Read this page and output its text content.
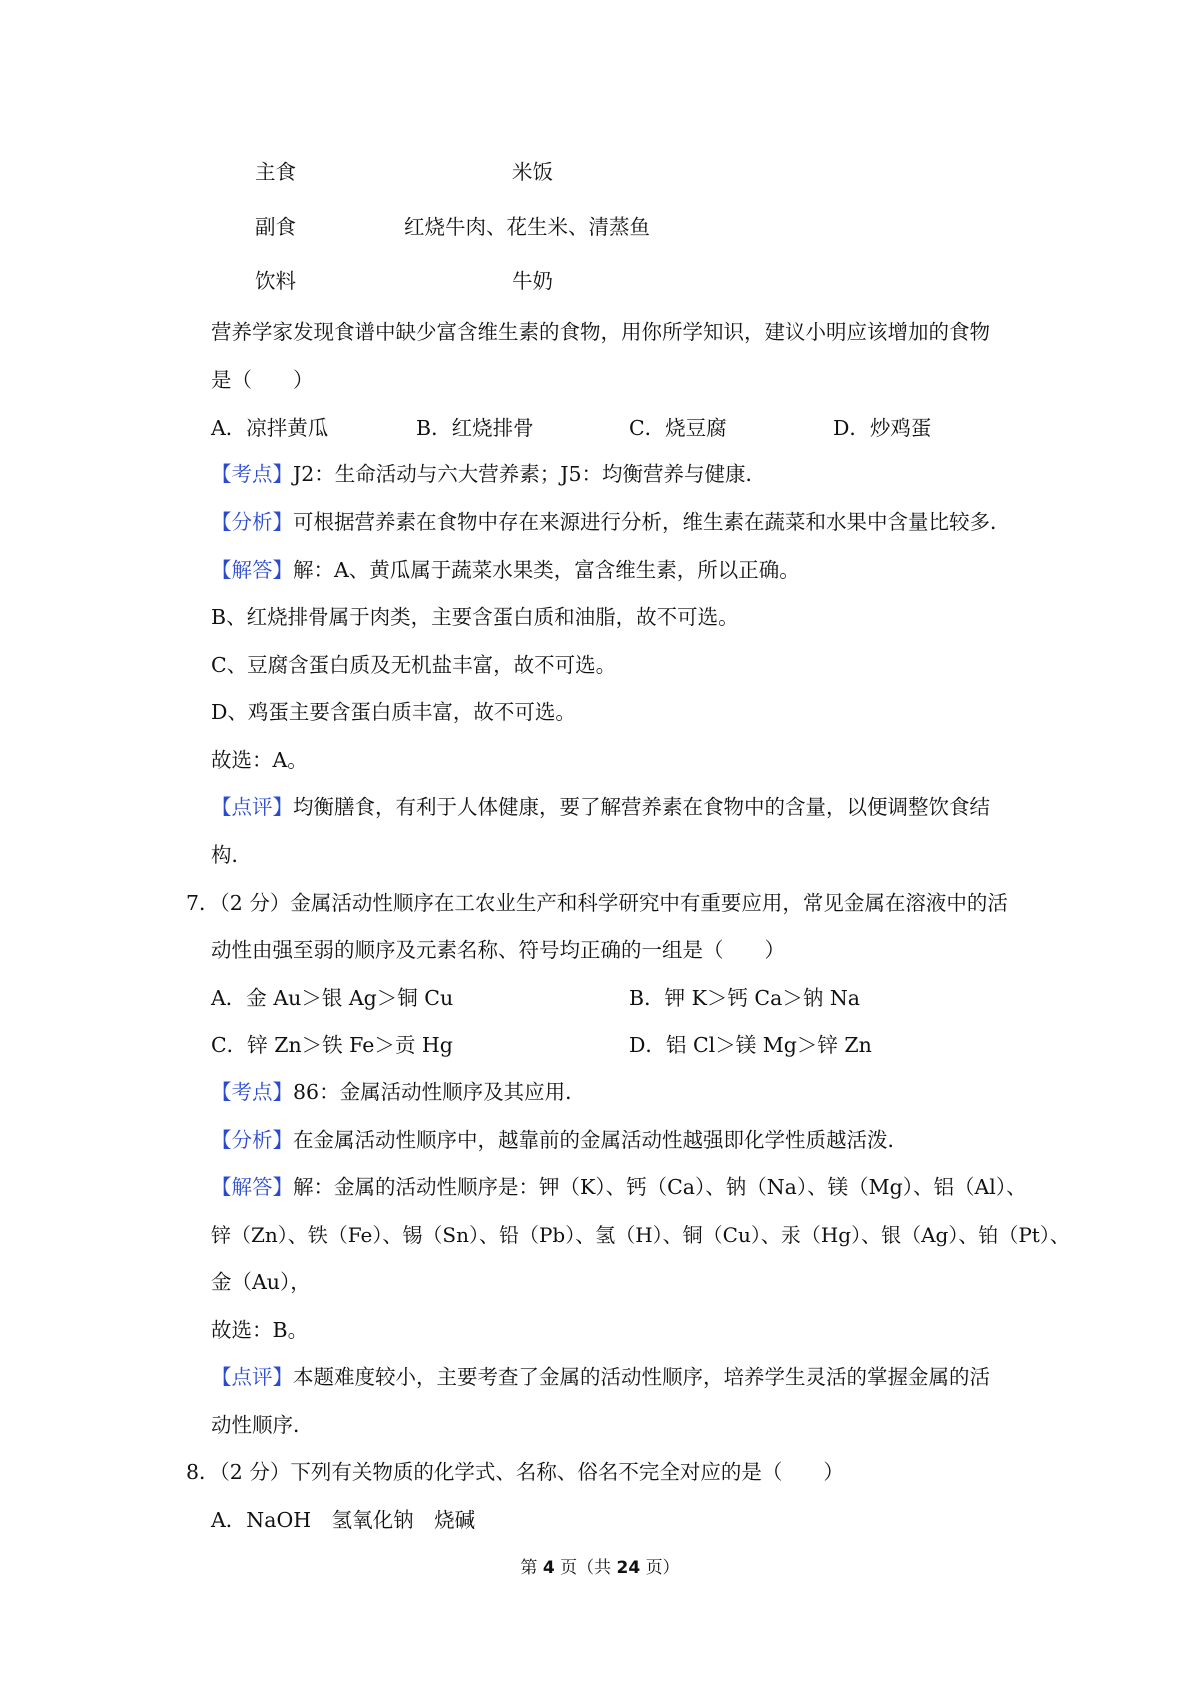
主食	米饭
副食	红烧牛肉、花生米、清蒸鱼
饮料	牛奶
营养学家发现食谱中缺少富含维生素的食物，用你所学知识，建议小明应该增加的食物
是（　　）
A．凉拌黄瓜	B．红烧排骨	C．烧豆腐	D．炒鸡蛋
【考点】J2：生命活动与六大营养素；J5：均衡营养与健康．
【分析】可根据营养素在食物中存在来源进行分析，维生素在蔬菜和水果中含量比较多．
【解答】解：A、黄瓜属于蔬菜水果类，富含维生素，所以正确。
B、红烧排骨属于肉类，主要含蛋白质和油脂，故不可选。
C、豆腐含蛋白质及无机盐丰富，故不可选。
D、鸡蛋主要含蛋白质丰富，故不可选。
故选：A。
【点评】均衡膳食，有利于人体健康，要了解营养素在食物中的含量，以便调整饮食结
构．
7．（2 分）金属活动性顺序在工农业生产和科学研究中有重要应用，常见金属在溶液中的活
动性由强至弱的顺序及元素名称、符号均正确的一组是（　　）
A．金 Au＞银 Ag＞铜 Cu	B．钾 K＞钙 Ca＞钠 Na
C．锌 Zn＞铁 Fe＞贡 Hg	D．铝 Cl＞镁 Mg＞锌 Zn
【考点】86：金属活动性顺序及其应用．
【分析】在金属活动性顺序中，越靠前的金属活动性越强即化学性质越活泼．
【解答】解：金属的活动性顺序是：钾（K）、钙（Ca）、钠（Na）、镁（Mg）、铝（Al）、
锌（Zn）、铁（Fe）、锡（Sn）、铅（Pb）、氢（H）、铜（Cu）、汞（Hg）、银（Ag）、铂（Pt）、
金（Au），
故选：B。
【点评】本题难度较小，主要考查了金属的活动性顺序，培养学生灵活的掌握金属的活
动性顺序．
8．（2 分）下列有关物质的化学式、名称、俗名不完全对应的是（　　）
A．NaOH　氢氧化钠　烧碱
第 4 页（共 24 页）
